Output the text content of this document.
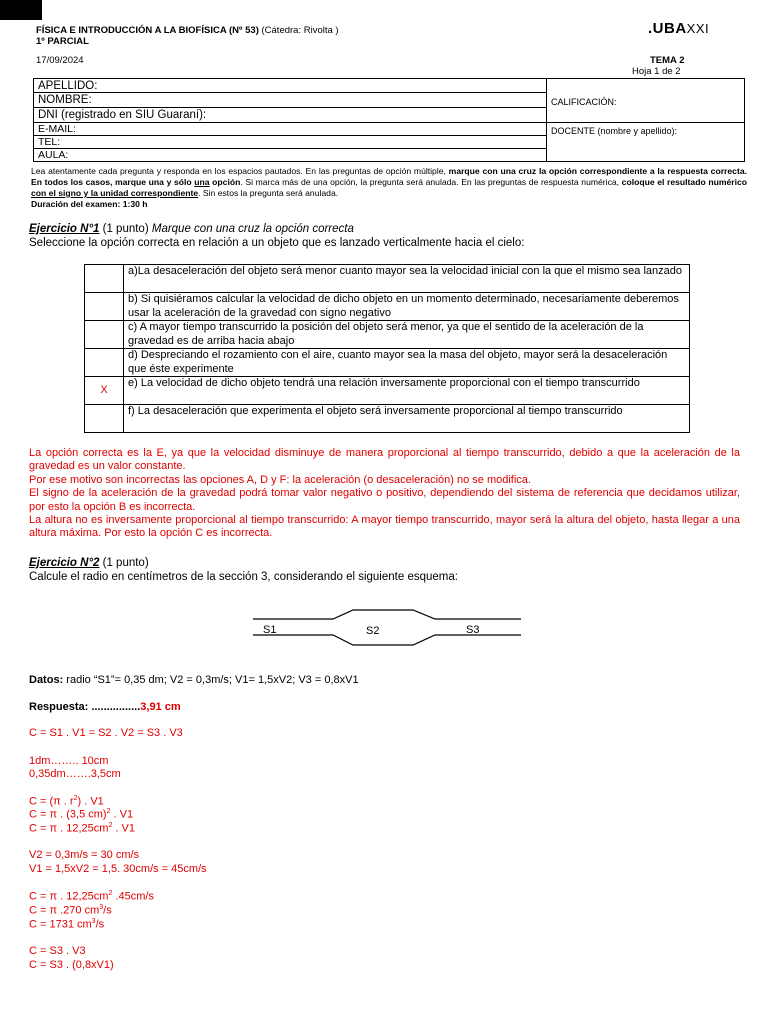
FÍSICA E INTRODUCCIÓN A LA BIOFÍSICA (Nº 53) (Cátedra: Rivolta )
1º PARCIAL
17/09/2024
.UBAXXI
TEMA 2
Hoja 1 de 2
APELLIDO:	CALIFICACIÓN:
NOMBRE:	
DNI (registrado en SIU Guaraní):	
E-MAIL:	DOCENTE (nombre y apellido):
TEL:	
AULA:	
Lea atentamente cada pregunta y responda en los espacios pautados. En las preguntas de opción múltiple, marque con una cruz la opción correspondiente a la respuesta correcta. En todos los casos, marque una y sólo una opción. Si marca más de una opción, la pregunta será anulada. En las preguntas de respuesta numérica, coloque el resultado numérico con el signo y la unidad correspondiente. Sin estos la pregunta será anulada.
Duración del examen: 1:30 h
Ejercicio N°1 (1 punto) Marque con una cruz la opción correcta
Seleccione la opción correcta en relación a un objeto que es lanzado verticalmente hacia el cielo:
	a)La desaceleración del objeto será menor cuanto mayor sea la velocidad inicial con la que el mismo sea lanzado
	b) Si quisiéramos calcular la velocidad de dicho objeto en un momento determinado, necesariamente deberemos usar la aceleración de la gravedad con signo negativo
	c) A mayor tiempo transcurrido la posición del objeto será menor, ya que el sentido de la aceleración de la gravedad es de arriba hacia abajo
	d) Despreciando el rozamiento con el aire, cuanto mayor sea la masa del objeto, mayor será la desaceleración que éste experimente
X	e) La velocidad de dicho objeto tendrá una relación inversamente proporcional con el tiempo transcurrido
	f) La desaceleración que experimenta el objeto será inversamente proporcional al tiempo transcurrido

La opción correcta es la E, ya que la velocidad disminuye de manera proporcional al tiempo transcurrido, debido a que la aceleración de la gravedad es un valor constante.

Por ese motivo son incorrectas las opciones A, D y F: la aceleración (o desaceleración) no se modifica.

El signo de la aceleración de la gravedad podrá tomar valor negativo o positivo, dependiendo del sistema de referencia que decidamos utilizar, por esto la opción B es incorrecta.

La altura no es inversamente proporcional al tiempo transcurrido: A mayor tiempo transcurrido, mayor será la altura del objeto, hasta llegar a una altura máxima. Por esto la opción C es incorrecta.

Ejercicio N°2 (1 punto)
Calcule el radio en centímetros de la sección 3, considerando el siguiente esquema:
S1	S2	S3
Datos: radio “S1”= 0,35 dm; V2 = 0,3m/s; V1= 1,5xV2; V3 = 0,8xV1
Respuesta: ................3,91 cm
C = S1 . V1 = S2 . V2 = S3 . V3
1dm…….. 10cm
0,35dm…….3,5cm
C = (π . $r^2$) . V1
C = π . (3,5 cm)$^2$ . V1
C = π . $12,25cm^2$ . V1
V2 = 0,3m/s = 30 cm/s
V1 = 1,5xV2 = 1,5. 30cm/s = 45cm/s
C = π . $12,25cm^2$ .45cm/s
C = π .270 $cm^3/s$
C = 1731 $cm^3/s$
C = S3 . V3
C = S3 . (0,8xV1)
